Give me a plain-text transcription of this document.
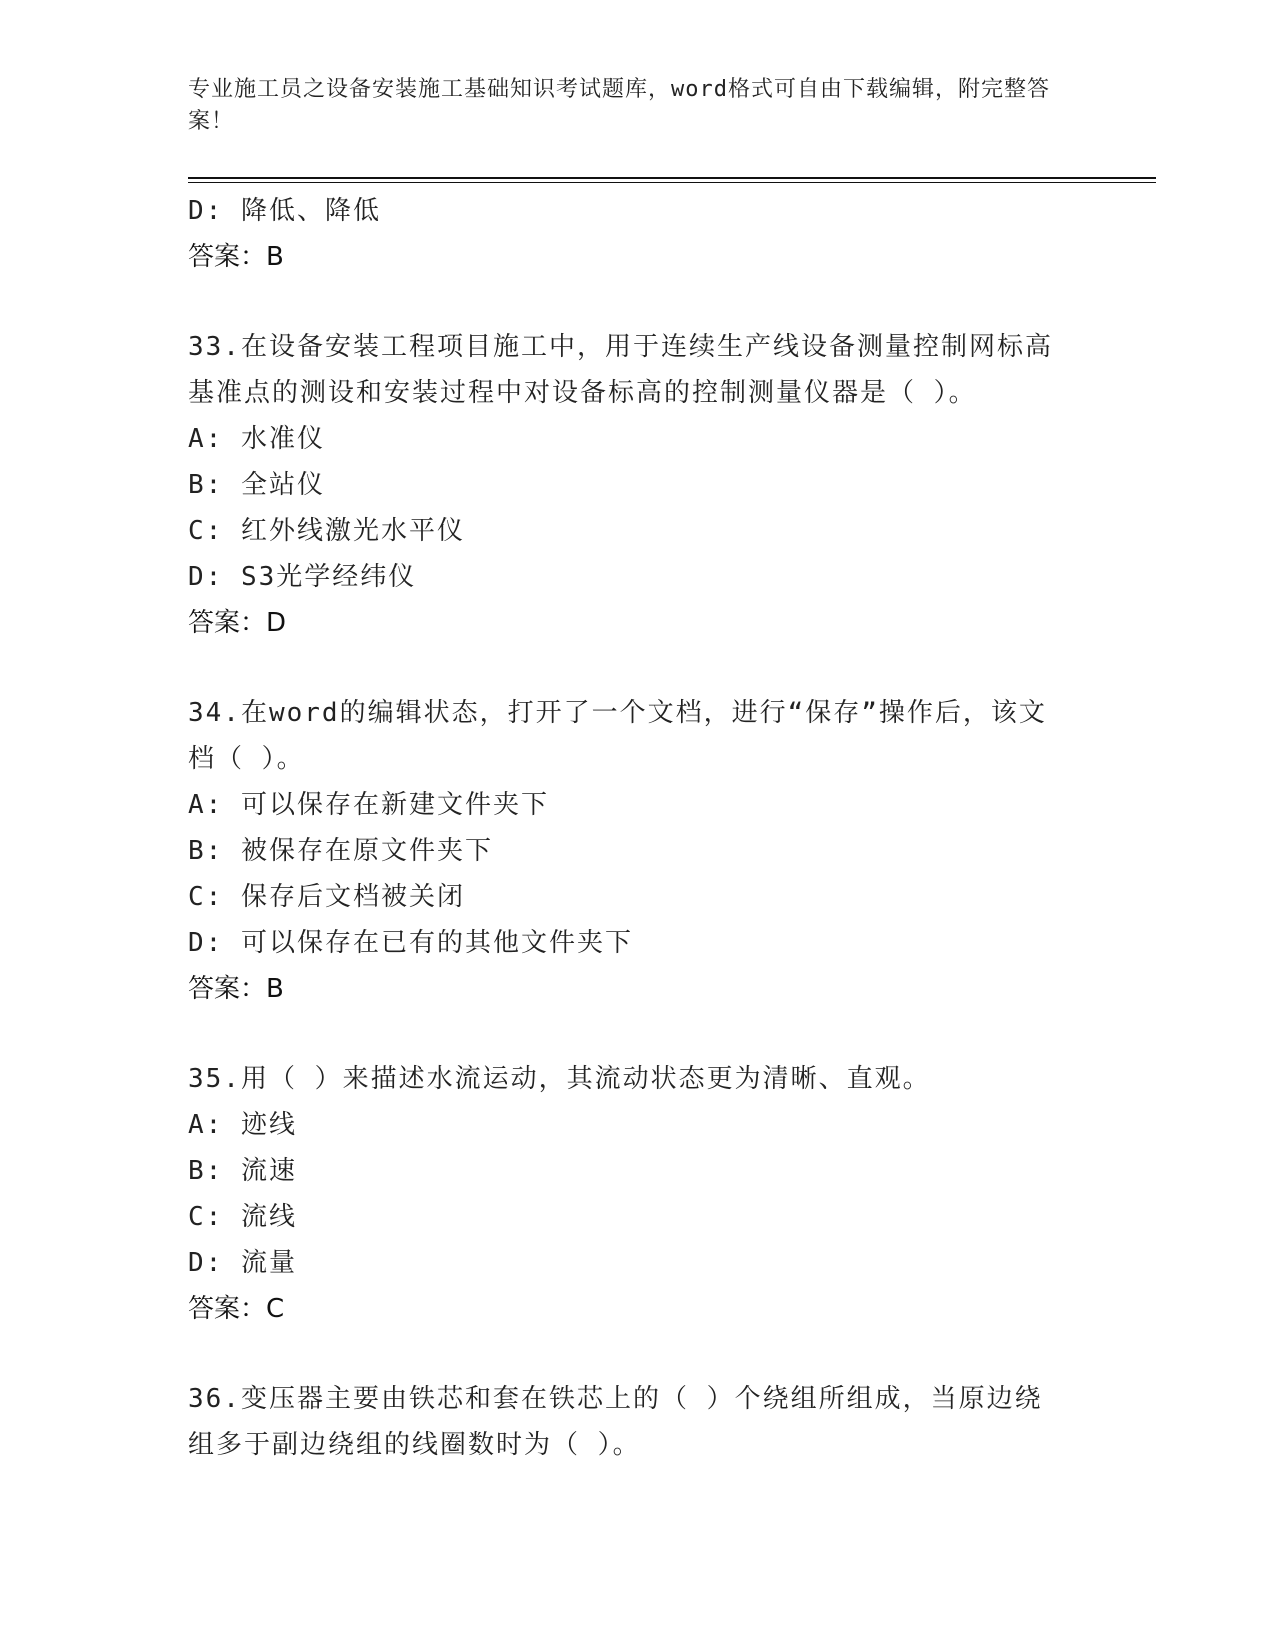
专业施工员之设备安装施工基础知识考试题库，word格式可自由下载编辑，附完整答案！
D: 降低、降低
答案：B
33.在设备安装工程项目施工中，用于连续生产线设备测量控制网标高基准点的测设和安装过程中对设备标高的控制测量仪器是（ ）。
A: 水准仪
B: 全站仪
C: 红外线激光水平仪
D: S3光学经纬仪
答案：D
34.在word的编辑状态，打开了一个文档，进行“保存”操作后，该文档（ ）。
A: 可以保存在新建文件夹下
B: 被保存在原文件夹下
C: 保存后文档被关闭
D: 可以保存在已有的其他文件夹下
答案：B
35.用（ ）来描述水流运动，其流动状态更为清晰、直观。
A: 迹线
B: 流速
C: 流线
D: 流量
答案：C
36.变压器主要由铁芯和套在铁芯上的（ ）个绕组所组成，当原边绕组多于副边绕组的线圈数时为（ ）。
